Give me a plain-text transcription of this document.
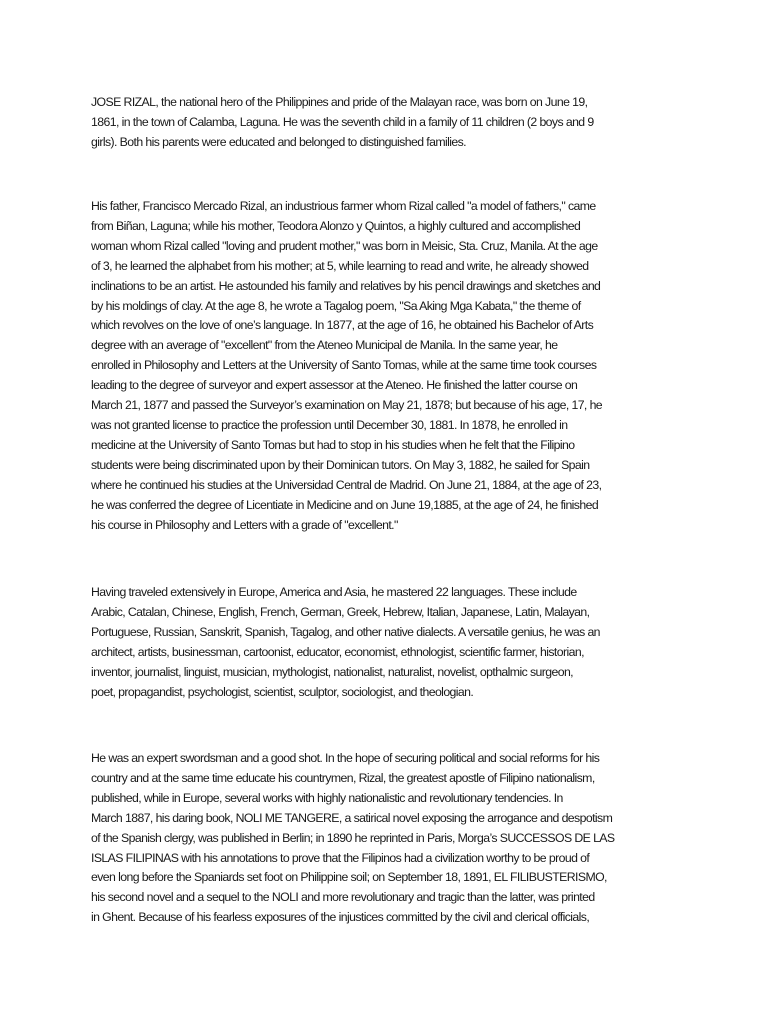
JOSE RIZAL, the national hero of the Philippines and pride of the Malayan race, was born on June 19,
1861, in the town of Calamba, Laguna. He was the seventh child in a family of 11 children (2 boys and 9
girls). Both his parents were educated and belonged to distinguished families.

His father, Francisco Mercado Rizal, an industrious farmer whom Rizal called "a model of fathers," came
from Biñan, Laguna; while his mother, Teodora Alonzo y Quintos, a highly cultured and accomplished
woman whom Rizal called "loving and prudent mother," was born in Meisic, Sta. Cruz, Manila. At the age
of 3, he learned the alphabet from his mother; at 5, while learning to read and write, he already showed
inclinations to be an artist. He astounded his family and relatives by his pencil drawings and sketches and
by his moldings of clay. At the age 8, he wrote a Tagalog poem, "Sa Aking Mga Kabata," the theme of
which revolves on the love of one’s language. In 1877, at the age of 16, he obtained his Bachelor of Arts
degree with an average of "excellent" from the Ateneo Municipal de Manila. In the same year, he
enrolled in Philosophy and Letters at the University of Santo Tomas, while at the same time took courses
leading to the degree of surveyor and expert assessor at the Ateneo. He finished the latter course on
March 21, 1877 and passed the Surveyor’s examination on May 21, 1878; but because of his age, 17, he
was not granted license to practice the profession until December 30, 1881. In 1878, he enrolled in
medicine at the University of Santo Tomas but had to stop in his studies when he felt that the Filipino
students were being discriminated upon by their Dominican tutors. On May 3, 1882, he sailed for Spain
where he continued his studies at the Universidad Central de Madrid. On June 21, 1884, at the age of 23,
he was conferred the degree of Licentiate in Medicine and on June 19,1885, at the age of 24, he finished
his course in Philosophy and Letters with a grade of "excellent."

Having traveled extensively in Europe, America and Asia, he mastered 22 languages. These include
Arabic, Catalan, Chinese, English, French, German, Greek, Hebrew, Italian, Japanese, Latin, Malayan,
Portuguese, Russian, Sanskrit, Spanish, Tagalog, and other native dialects. A versatile genius, he was an
architect, artists, businessman, cartoonist, educator, economist, ethnologist, scientific farmer, historian,
inventor, journalist, linguist, musician, mythologist, nationalist, naturalist, novelist, opthalmic surgeon,
poet, propagandist, psychologist, scientist, sculptor, sociologist, and theologian.

He was an expert swordsman and a good shot. In the hope of securing political and social reforms for his
country and at the same time educate his countrymen, Rizal, the greatest apostle of Filipino nationalism,
published, while in Europe, several works with highly nationalistic and revolutionary tendencies. In
March 1887, his daring book, NOLI ME TANGERE, a satirical novel exposing the arrogance and despotism
of the Spanish clergy, was published in Berlin; in 1890 he reprinted in Paris, Morga’s SUCCESSOS DE LAS
ISLAS FILIPINAS with his annotations to prove that the Filipinos had a civilization worthy to be proud of
even long before the Spaniards set foot on Philippine soil; on September 18, 1891, EL FILIBUSTERISMO,
his second novel and a sequel to the NOLI and more revolutionary and tragic than the latter, was printed
in Ghent. Because of his fearless exposures of the injustices committed by the civil and clerical officials,
